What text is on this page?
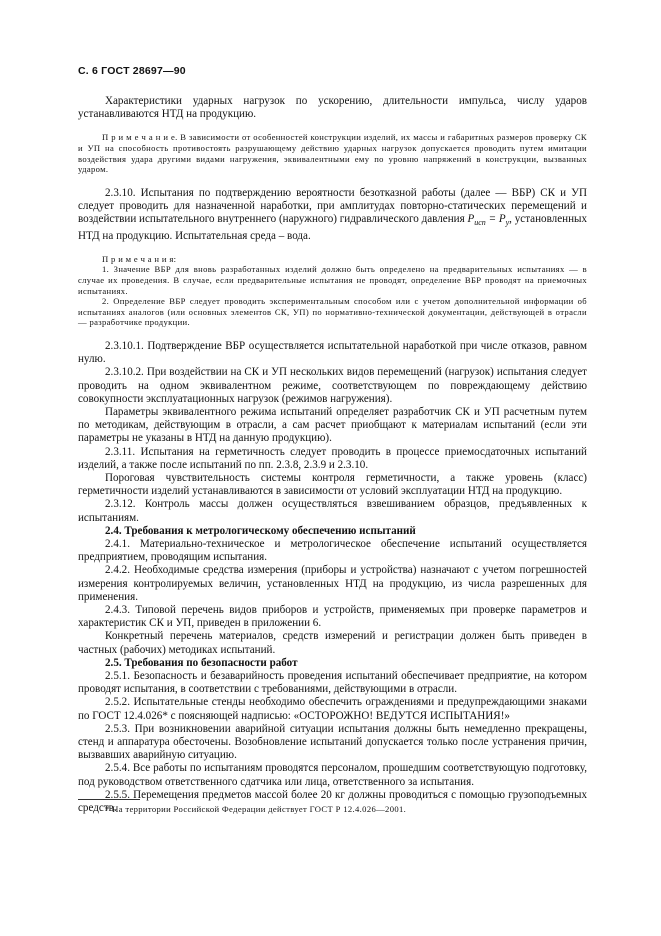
С. 6 ГОСТ 28697—90

Характеристики ударных нагрузок по ускорению, длительности импульса, числу ударов устанавливаются НТД на продукцию.

П р и м е ч а н и е. В зависимости от особенностей конструкции изделий, их массы и габаритных размеров проверку СК и УП на способность противостоять разрушающему действию ударных нагрузок допускается проводить путем имитации воздействия удара другими видами нагружения, эквивалентными ему по уровню напряжений в конструкции, вызванных ударом.

2.3.10. Испытания по подтверждению вероятности безотказной работы (далее — ВБР) СК и УП следует проводить для назначенной наработки, при амплитудах повторно-статических перемещений и воздействии испытательного внутреннего (наружного) гидравлического давления $P_{исп} = P_у$, установленных НТД на продукцию. Испытательная среда – вода.

П р и м е ч а н и я:

1. Значение ВБР для вновь разработанных изделий должно быть определено на предварительных испытаниях — в случае их проведения. В случае, если предварительные испытания не проводят, определение ВБР проводят на приемочных испытаниях.

2. Определение ВБР следует проводить экспериментальным способом или с учетом дополнительной информации об испытаниях аналогов (или основных элементов СК, УП) по нормативно-технической документации, действующей в отрасли — разработчике продукции.

2.3.10.1. Подтверждение ВБР осуществляется испытательной наработкой при числе отказов, равном нулю.

2.3.10.2. При воздействии на СК и УП нескольких видов перемещений (нагрузок) испытания следует проводить на одном эквивалентном режиме, соответствующем по повреждающему действию совокупности эксплуатационных нагрузок (режимов нагружения).

Параметры эквивалентного режима испытаний определяет разработчик СК и УП расчетным путем по методикам, действующим в отрасли, а сам расчет приобщают к материалам испытаний (если эти параметры не указаны в НТД на данную продукцию).

2.3.11. Испытания на герметичность следует проводить в процессе приемосдаточных испытаний изделий, а также после испытаний по пп. 2.3.8, 2.3.9 и 2.3.10.

Пороговая чувствительность системы контроля герметичности, а также уровень (класс) герметичности изделий устанавливаются в зависимости от условий эксплуатации НТД на продукцию.

2.3.12. Контроль массы должен осуществляться взвешиванием образцов, предъявленных к испытаниям.

2.4. Требования к метрологическому обеспечению испытаний

2.4.1. Материально-техническое и метрологическое обеспечение испытаний осуществляется предприятием, проводящим испытания.

2.4.2. Необходимые средства измерения (приборы и устройства) назначают с учетом погрешностей измерения контролируемых величин, установленных НТД на продукцию, из числа разрешенных для применения.

2.4.3. Типовой перечень видов приборов и устройств, применяемых при проверке параметров и характеристик СК и УП, приведен в приложении 6.

Конкретный перечень материалов, средств измерений и регистрации должен быть приведен в частных (рабочих) методиках испытаний.

2.5. Требования по безопасности работ

2.5.1. Безопасность и безаварийность проведения испытаний обеспечивает предприятие, на котором проводят испытания, в соответствии с требованиями, действующими в отрасли.

2.5.2. Испытательные стенды необходимо обеспечить ограждениями и предупреждающими знаками по ГОСТ 12.4.026* с поясняющей надписью: «ОСТОРОЖНО! ВЕДУТСЯ ИСПЫТАНИЯ!»

2.5.3. При возникновении аварийной ситуации испытания должны быть немедленно прекращены, стенд и аппаратура обесточены. Возобновление испытаний допускается только после устранения причин, вызвавших аварийную ситуацию.

2.5.4. Все работы по испытаниям проводятся персоналом, прошедшим соответствующую подготовку, под руководством ответственного сдатчика или лица, ответственного за испытания.

2.5.5. Перемещения предметов массой более 20 кг должны проводиться с помощью грузоподъемных средств.

* На территории Российской Федерации действует ГОСТ Р 12.4.026—2001.
